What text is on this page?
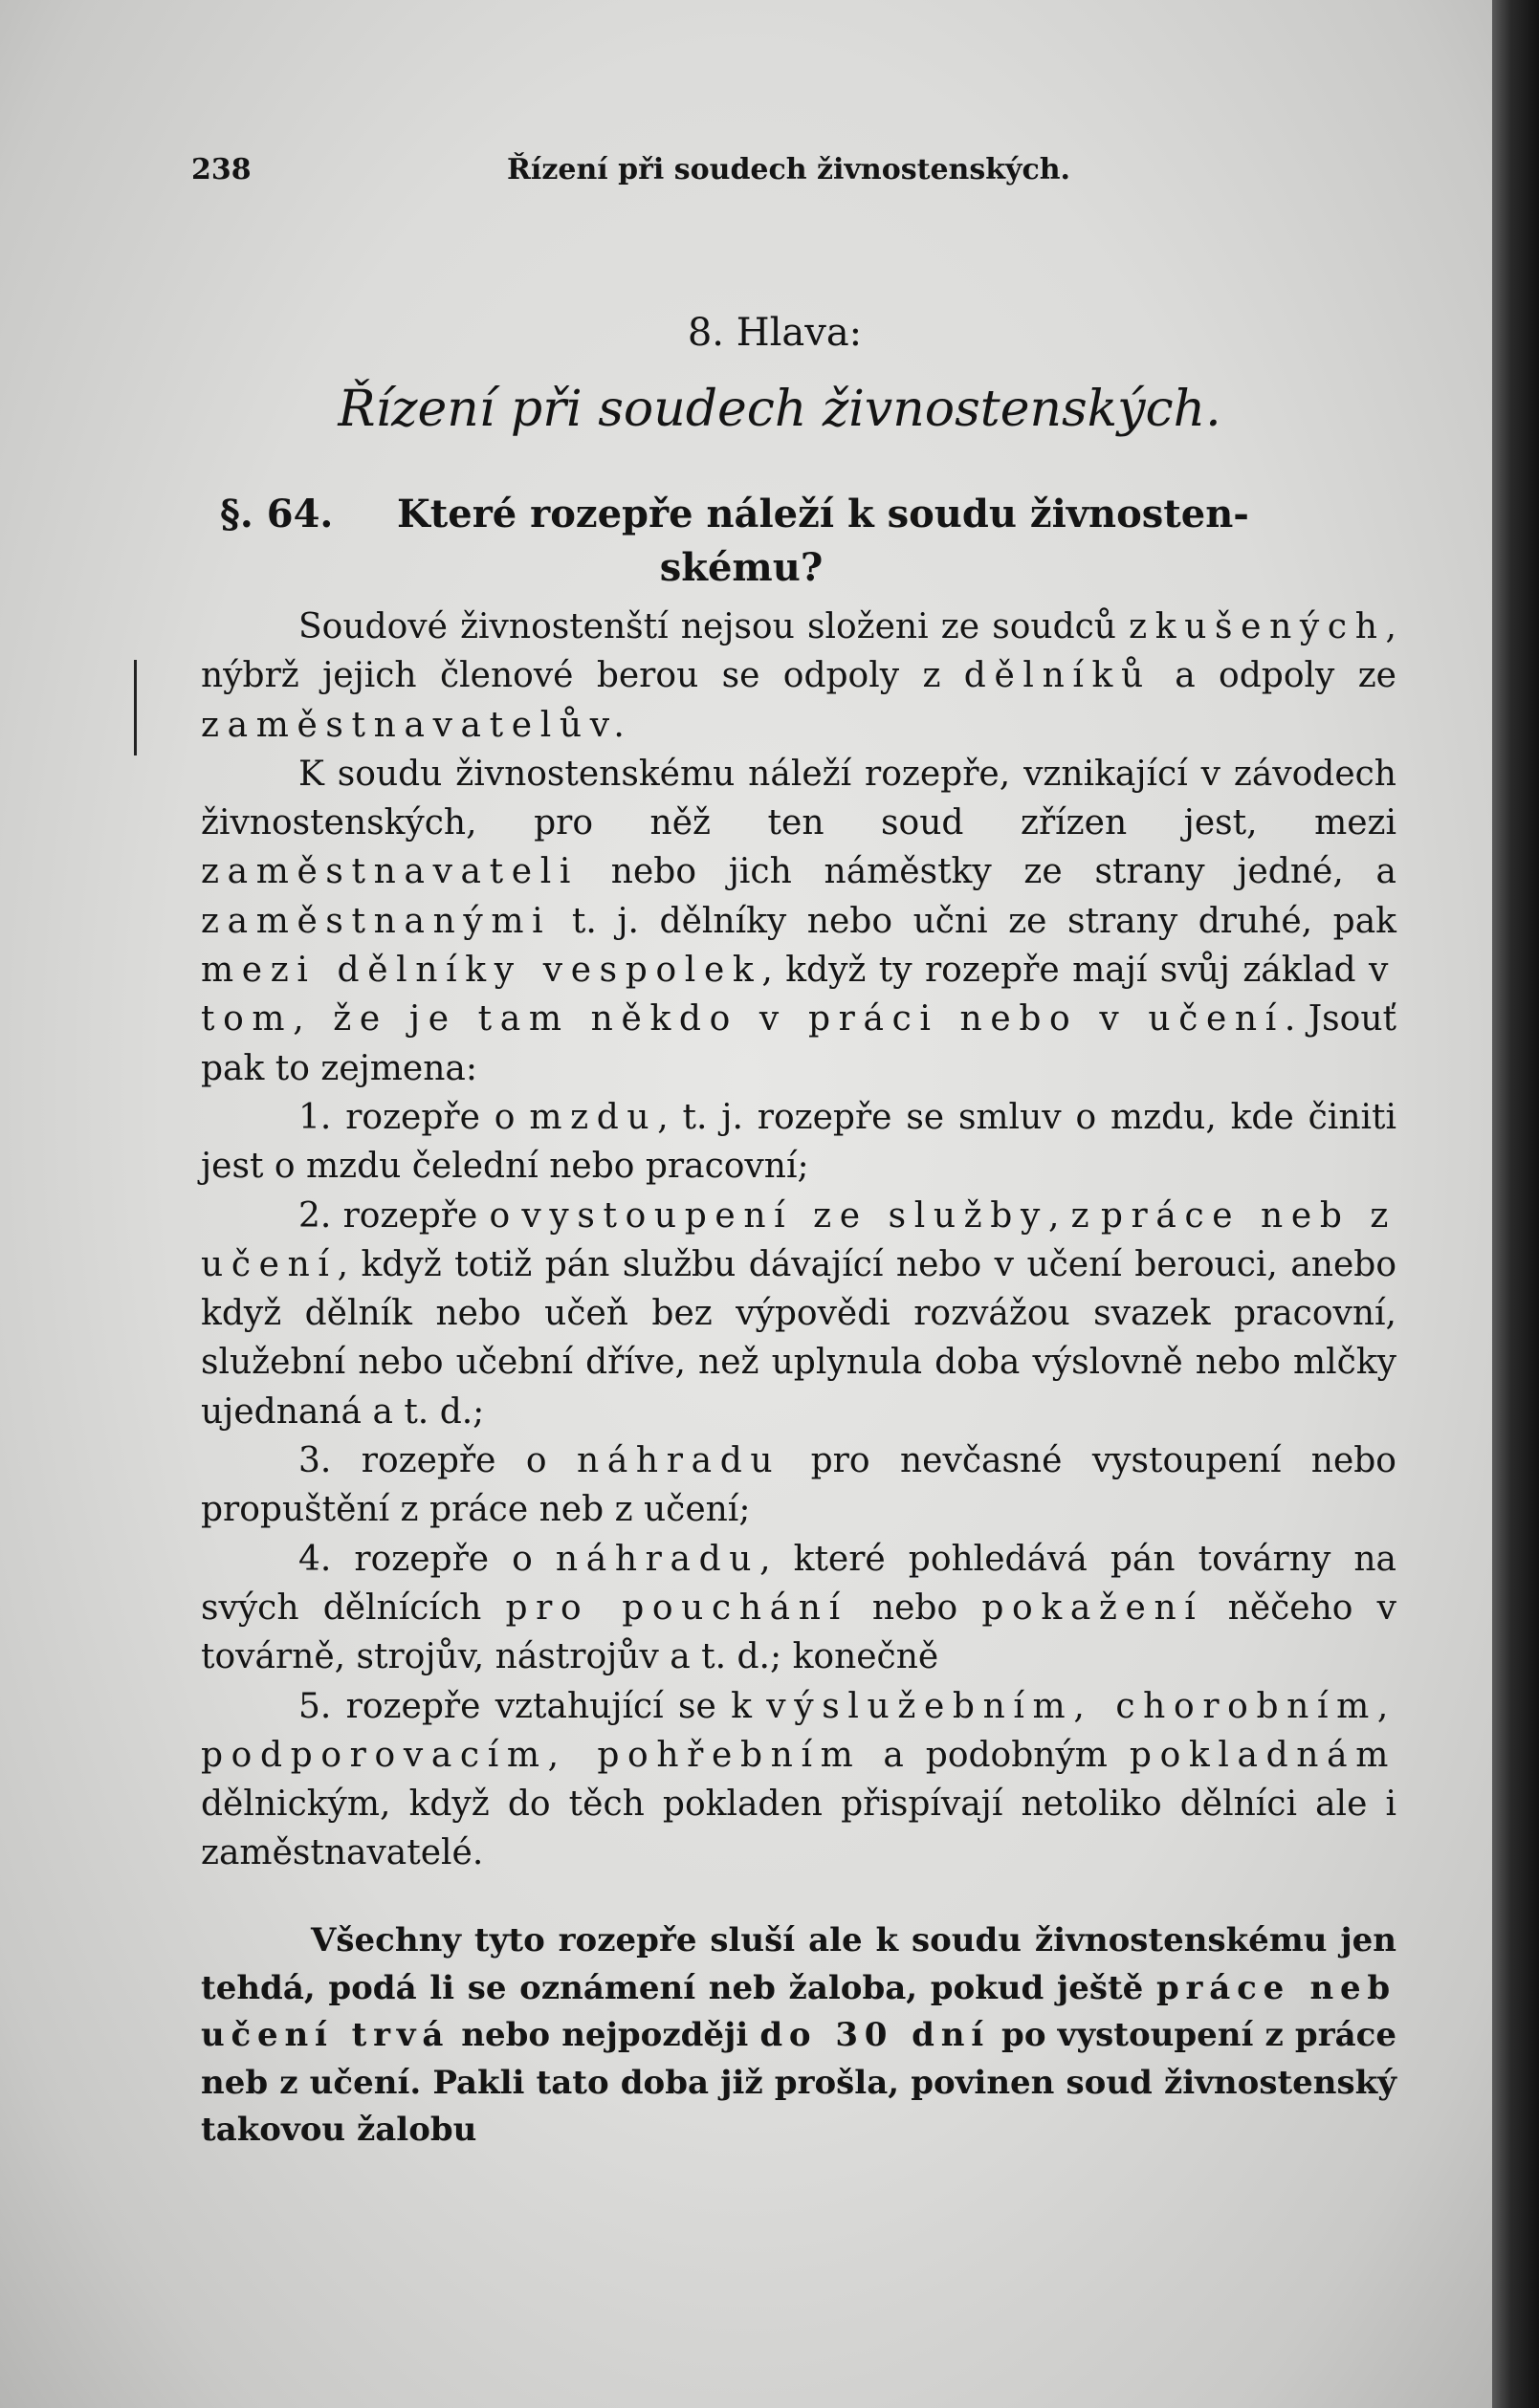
238	Řízení při soudech živnostenských.
8. Hlava:
Řízení při soudech živnostenských.
§. 64. Které rozepře náleží k soudu živnosten-
skému?

Soudové živnostenští nejsou složeni ze soudců zkušených, nýbrž jejich členové berou se odpoly z dělníků a odpoly ze zaměstnavatelův.

K soudu živnostenskému náleží rozepře, vznikající v závodech živnostenských, pro něž ten soud zřízen jest, mezi zaměstnavateli nebo jich náměstky ze strany jedné, a zaměstnanými t. j. dělníky nebo učni ze strany druhé, pak mezi dělníky vespolek, když ty rozepře mají svůj základ v tom, že je tam někdo v práci nebo v učení. Jsouť pak to zejmena:

1. rozepře o mzdu, t. j. rozepře se smluv o mzdu, kde činiti jest o mzdu čelední nebo pracovní;

2. rozepře o vystoupení ze služby, z práce neb z učení, když totiž pán službu dávající nebo v učení berouci, anebo když dělník nebo učeň bez výpovědi rozvážou svazek pracovní, služební nebo učební dříve, než uplynula doba výslovně nebo mlčky ujednaná a t. d.;

3. rozepře o náhradu pro nevčasné vystoupení nebo propuštění z práce neb z učení;

4. rozepře o náhradu, které pohledává pán továrny na svých dělnících pro pouchání nebo pokažení něčeho v továrně, strojův, nástrojův a t. d.; konečně

5. rozepře vztahující se k výslužebním, chorobním, podporovacím, pohřebním a podobným pokladnám dělnickým, když do těch pokladen přispívají netoliko dělníci ale i zaměstnavatelé.

Všechny tyto rozepře sluší ale k soudu živnostenskému jen tehdá, podá li se oznámení neb žaloba, pokud ještě práce neb učení trvá nebo nejpozději do 30 dní po vystoupení z práce neb z učení. Pakli tato doba již prošla, povinen soud živnostenský takovou žalobu
